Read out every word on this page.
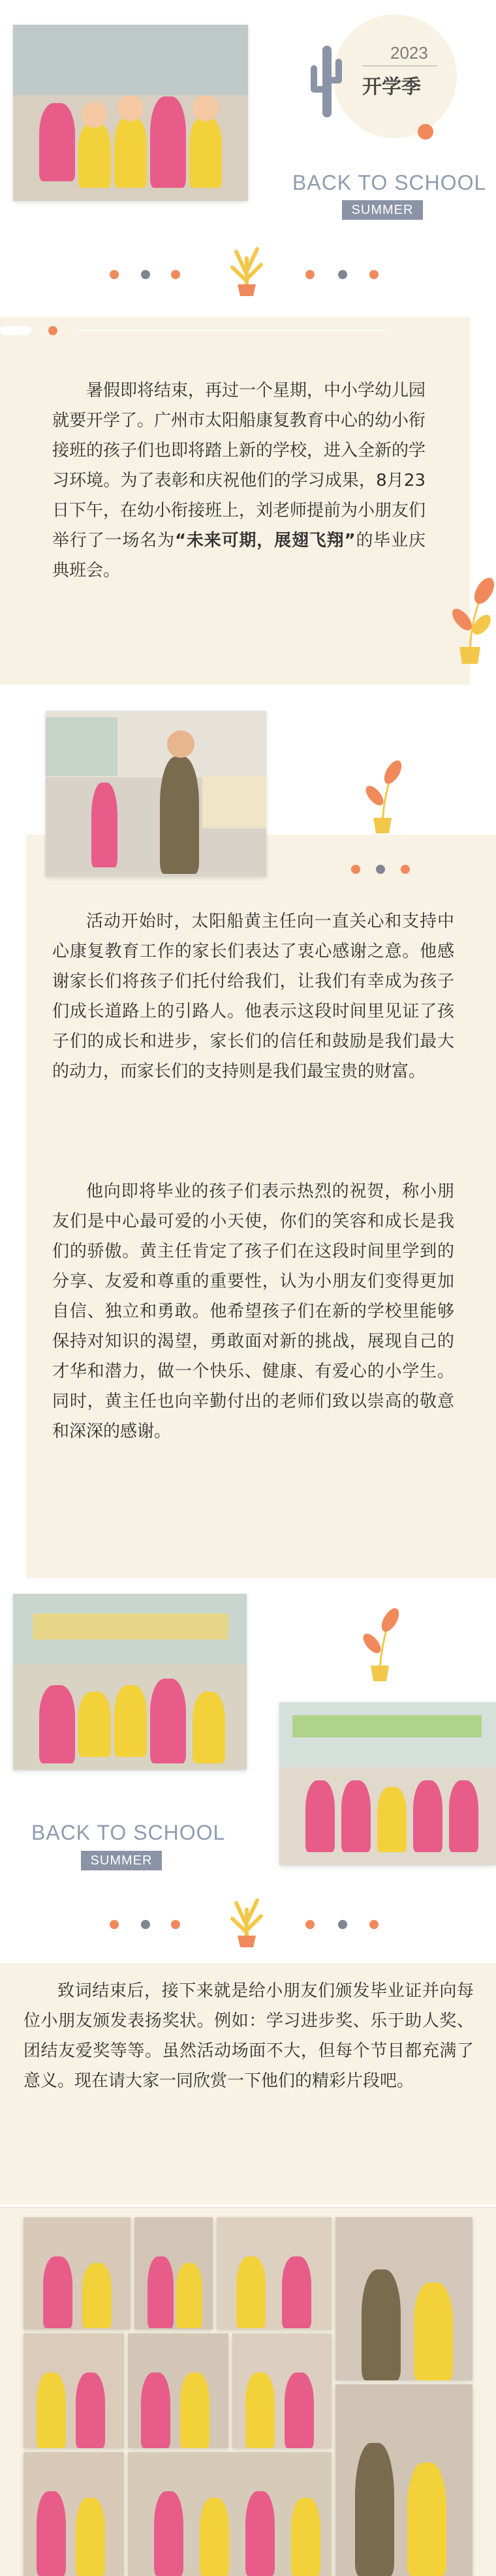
2023
开学季
BACK TO SCHOOL
SUMMER
暑假即将结束，再过一个星期，中小学幼儿园就要开学了。广州市太阳船康复教育中心的幼小衔接班的孩子们也即将踏上新的学校，进入全新的学习环境。为了表彰和庆祝他们的学习成果，8月23日下午，在幼小衔接班上，刘老师提前为小朋友们举行了一场名为“未来可期，展翅飞翔”的毕业庆典班会。
活动开始时，太阳船黄主任向一直关心和支持中心康复教育工作的家长们表达了衷心感谢之意。他感谢家长们将孩子们托付给我们，让我们有幸成为孩子们成长道路上的引路人。他表示这段时间里见证了孩子们的成长和进步，家长们的信任和鼓励是我们最大的动力，而家长们的支持则是我们最宝贵的财富。
他向即将毕业的孩子们表示热烈的祝贺，称小朋友们是中心最可爱的小天使，你们的笑容和成长是我们的骄傲。黄主任肯定了孩子们在这段时间里学到的分享、友爱和尊重的重要性，认为小朋友们变得更加自信、独立和勇敢。他希望孩子们在新的学校里能够保持对知识的渴望，勇敢面对新的挑战，展现自己的才华和潜力，做一个快乐、健康、有爱心的小学生。同时，黄主任也向辛勤付出的老师们致以崇高的敬意和深深的感谢。
BACK TO SCHOOL
SUMMER
致词结束后，接下来就是给小朋友们颁发毕业证并向每位小朋友颁发表扬奖状。例如：学习进步奖、乐于助人奖、团结友爱奖等等。虽然活动场面不大，但每个节目都充满了意义。现在请大家一同欣赏一下他们的精彩片段吧。
